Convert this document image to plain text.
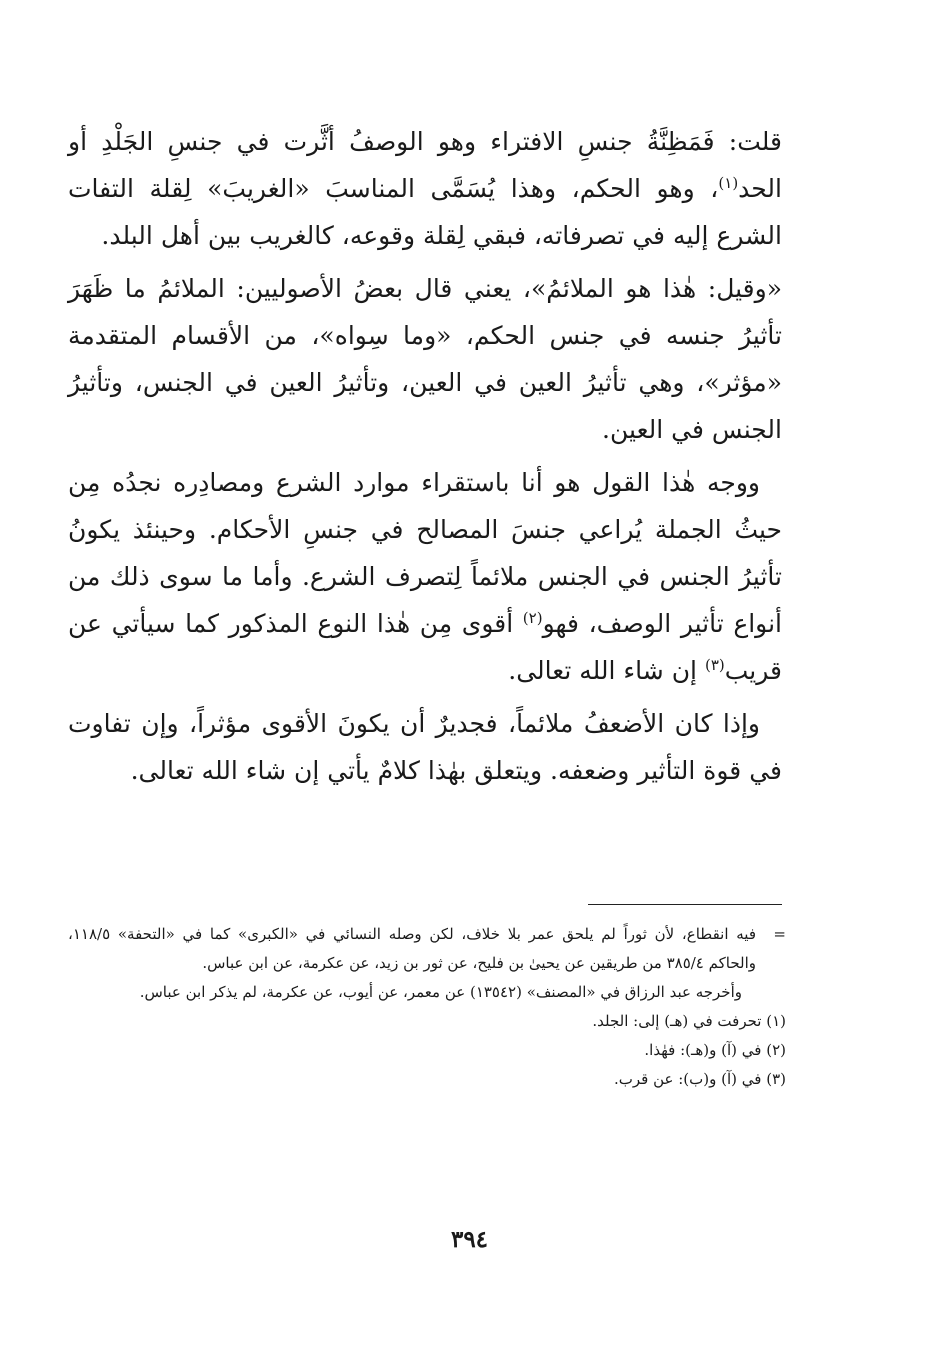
قلت: فَمَظِنَّةُ جنسِ الافتراء وهو الوصفُ أثَّرت في جنسِ الجَلْدِ أو الحد$^{(١)}$، وهو الحكم، وهذا يُسَمَّى المناسبَ «الغريبَ» لِقلة التفات الشرع إليه في تصرفاته، فبقي لِقلة وقوعه، كالغريب بين أهل البلد.

«وقيل: هٰذا هو الملائمُ»، يعني قال بعضُ الأصوليين: الملائمُ ما ظَهَرَ تأثيرُ جنسه في جنس الحكم، «وما سِواه»، من الأقسام المتقدمة «مؤثر»، وهي تأثيرُ العين في العين، وتأثيرُ العين في الجنس، وتأثيرُ الجنس في العين.

ووجه هٰذا القول هو أنا باستقراء موارد الشرع ومصادِره نجدُه مِن حيثُ الجملة يُراعي جنسَ المصالح في جنسِ الأحكام. وحينئذ يكونُ تأثيرُ الجنس في الجنس ملائماً لِتصرف الشرع. وأما ما سوى ذلك من أنواع تأثير الوصف، فهو$^{(٢)}$ أقوى مِن هٰذا النوع المذكور كما سيأتي عن قريب$^{(٣)}$ إن شاء الله تعالى.

وإذا كان الأضعفُ ملائماً، فجديرٌ أن يكونَ الأقوى مؤثراً، وإن تفاوت في قوة التأثير وضعفه. ويتعلق بهٰذا كلامٌ يأتي إن شاء الله تعالى.

=
فيه انقطاع، لأن ثوراً لم يلحق عمر بلا خلاف، لكن وصله النسائي في «الكبرى» كما في «التحفة» ١١٨/٥، والحاكم ٣٨٥/٤ من طريقين عن يحيىٰ بن فليح، عن ثور بن زيد، عن عكرمة، عن ابن عباس.

وأخرجه عبد الرزاق في «المصنف» (١٣٥٤٢) عن معمر، عن أيوب، عن عكرمة، لم يذكر ابن عباس.

(١) تحرفت في (هـ) إلى: الجلد.

(٢) في (آ) و(هـ): فهٰذا.

(٣) في (آ) و(ب): عن قرب.

٣٩٤
